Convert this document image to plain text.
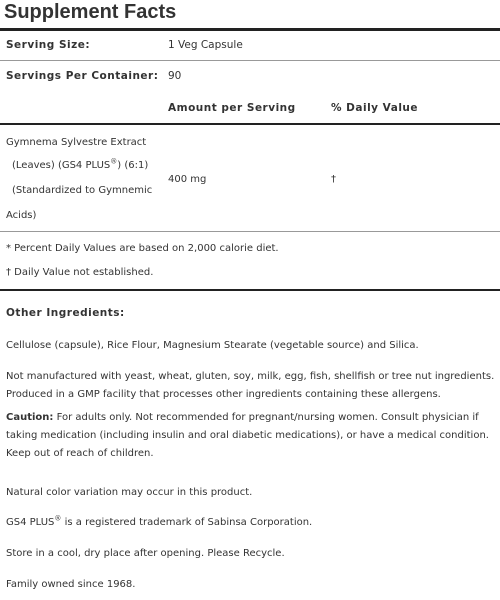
Supplement Facts
Serving Size:	1 Veg Capsule
Servings Per Container: 90
Amount per Serving	% Daily Value
Gymnema Sylvestre Extract
(Leaves) (GS4 PLUS®) (6:1)
(Standardized to Gymnemic
Acids)
400 mg	†
* Percent Daily Values are based on 2,000 calorie diet.
† Daily Value not established.
Other Ingredients:
Cellulose (capsule), Rice Flour, Magnesium Stearate (vegetable source) and Silica.
Not manufactured with yeast, wheat, gluten, soy, milk, egg, fish, shellfish or tree nut ingredients. Produced in a GMP facility that processes other ingredients containing these allergens.
Caution: For adults only. Not recommended for pregnant/nursing women. Consult physician if taking medication (including insulin and oral diabetic medications), or have a medical condition. Keep out of reach of children.
Natural color variation may occur in this product.
GS4 PLUS® is a registered trademark of Sabinsa Corporation.
Store in a cool, dry place after opening. Please Recycle.
Family owned since 1968.
